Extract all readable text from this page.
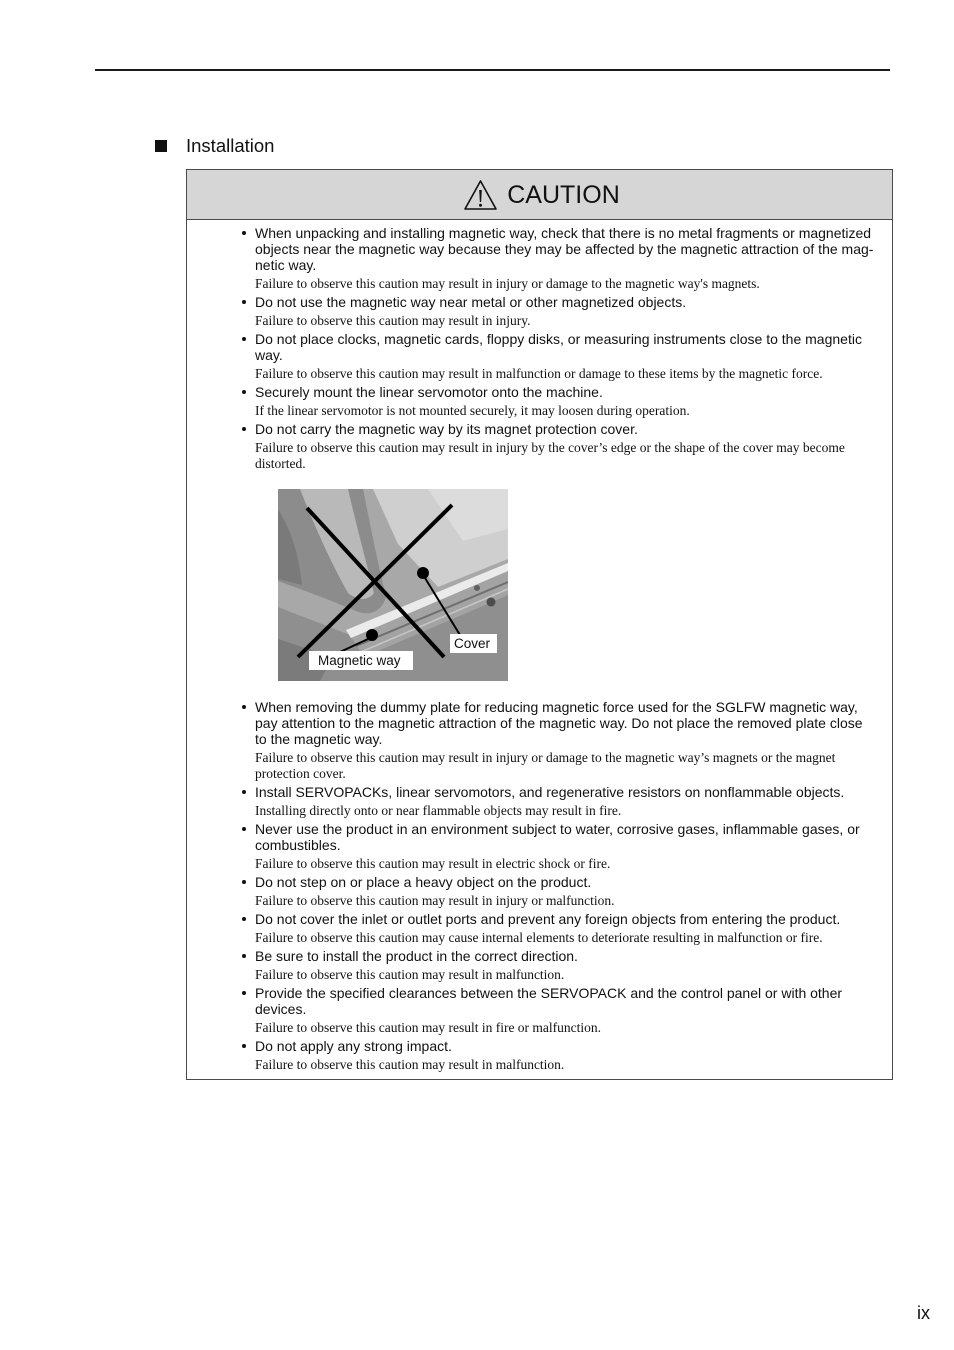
Installation
CAUTION
When unpacking and installing magnetic way, check that there is no metal fragments or magnetized
objects near the magnetic way because they may be affected by the magnetic attraction of the mag-
netic way.
Failure to observe this caution may result in injury or damage to the magnetic way's magnets.
Do not use the magnetic way near metal or other magnetized objects.
Failure to observe this caution may result in injury.
Do not place clocks, magnetic cards, floppy disks, or measuring instruments close to the magnetic
way.
Failure to observe this caution may result in malfunction or damage to these items by the magnetic force.
Securely mount the linear servomotor onto the machine.
If the linear servomotor is not mounted securely, it may loosen during operation.
Do not carry the magnetic way by its magnet protection cover.
Failure to observe this caution may result in injury by the cover’s edge or the shape of the cover may become
distorted.
Cover
Magnetic way
When removing the dummy plate for reducing magnetic force used for the SGLFW magnetic way,
pay attention to the magnetic attraction of the magnetic way. Do not place the removed plate close
to the magnetic way.
Failure to observe this caution may result in injury or damage to the magnetic way’s magnets or the magnet
protection cover.
Install SERVOPACKs, linear servomotors, and regenerative resistors on nonflammable objects.
Installing directly onto or near flammable objects may result in fire.
Never use the product in an environment subject to water, corrosive gases, inflammable gases, or
combustibles.
Failure to observe this caution may result in electric shock or fire.
Do not step on or place a heavy object on the product.
Failure to observe this caution may result in injury or malfunction.
Do not cover the inlet or outlet ports and prevent any foreign objects from entering the product.
Failure to observe this caution may cause internal elements to deteriorate resulting in malfunction or fire.
Be sure to install the product in the correct direction.
Failure to observe this caution may result in malfunction.
Provide the specified clearances between the SERVOPACK and the control panel or with other
devices.
Failure to observe this caution may result in fire or malfunction.
Do not apply any strong impact.
Failure to observe this caution may result in malfunction.
ix
